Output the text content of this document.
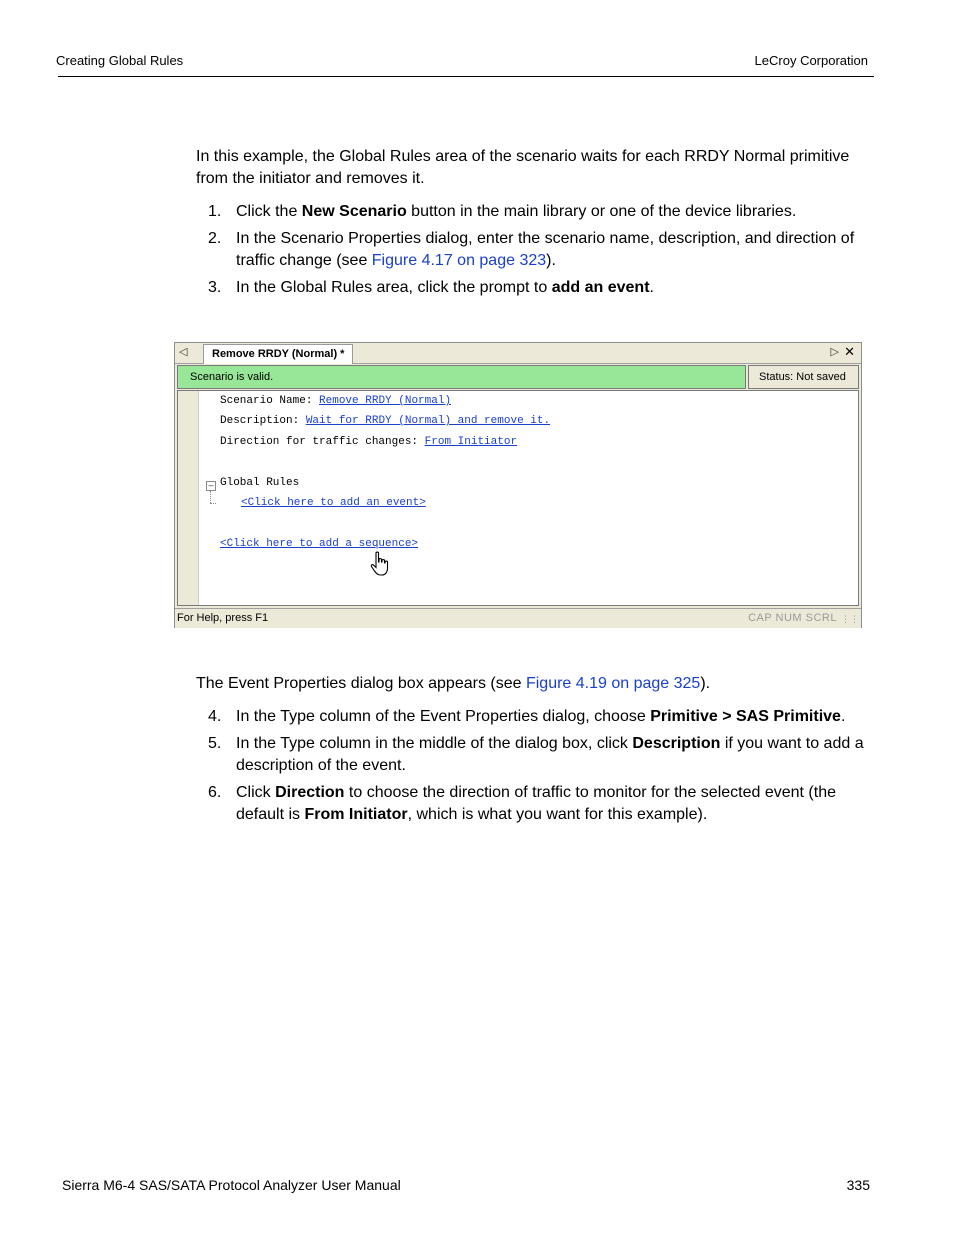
Creating Global Rules	LeCroy Corporation
In this example, the Global Rules area of the scenario waits for each RRDY Normal primitive from the initiator and removes it.
1. Click the New Scenario button in the main library or one of the device libraries.
2. In the Scenario Properties dialog, enter the scenario name, description, and direction of traffic change (see Figure 4.17 on page 323).
3. In the Global Rules area, click the prompt to add an event.
◁	Remove RRDY (Normal) *	▷ ✕
Scenario is valid.	Status: Not saved
Scenario Name: Remove RRDY (Normal)
Description: Wait for RRDY (Normal) and remove it.
Direction for traffic changes: From Initiator
– Global Rules
<Click here to add an event>
<Click here to add a sequence>
For Help, press F1	CAP NUM SCRL ⋮⋮
The Event Properties dialog box appears (see Figure 4.19 on page 325).
4. In the Type column of the Event Properties dialog, choose Primitive > SAS Primitive.
5. In the Type column in the middle of the dialog box, click Description if you want to add a description of the event.
6. Click Direction to choose the direction of traffic to monitor for the selected event (the default is From Initiator, which is what you want for this example).
Sierra M6-4 SAS/SATA Protocol Analyzer User Manual	335
